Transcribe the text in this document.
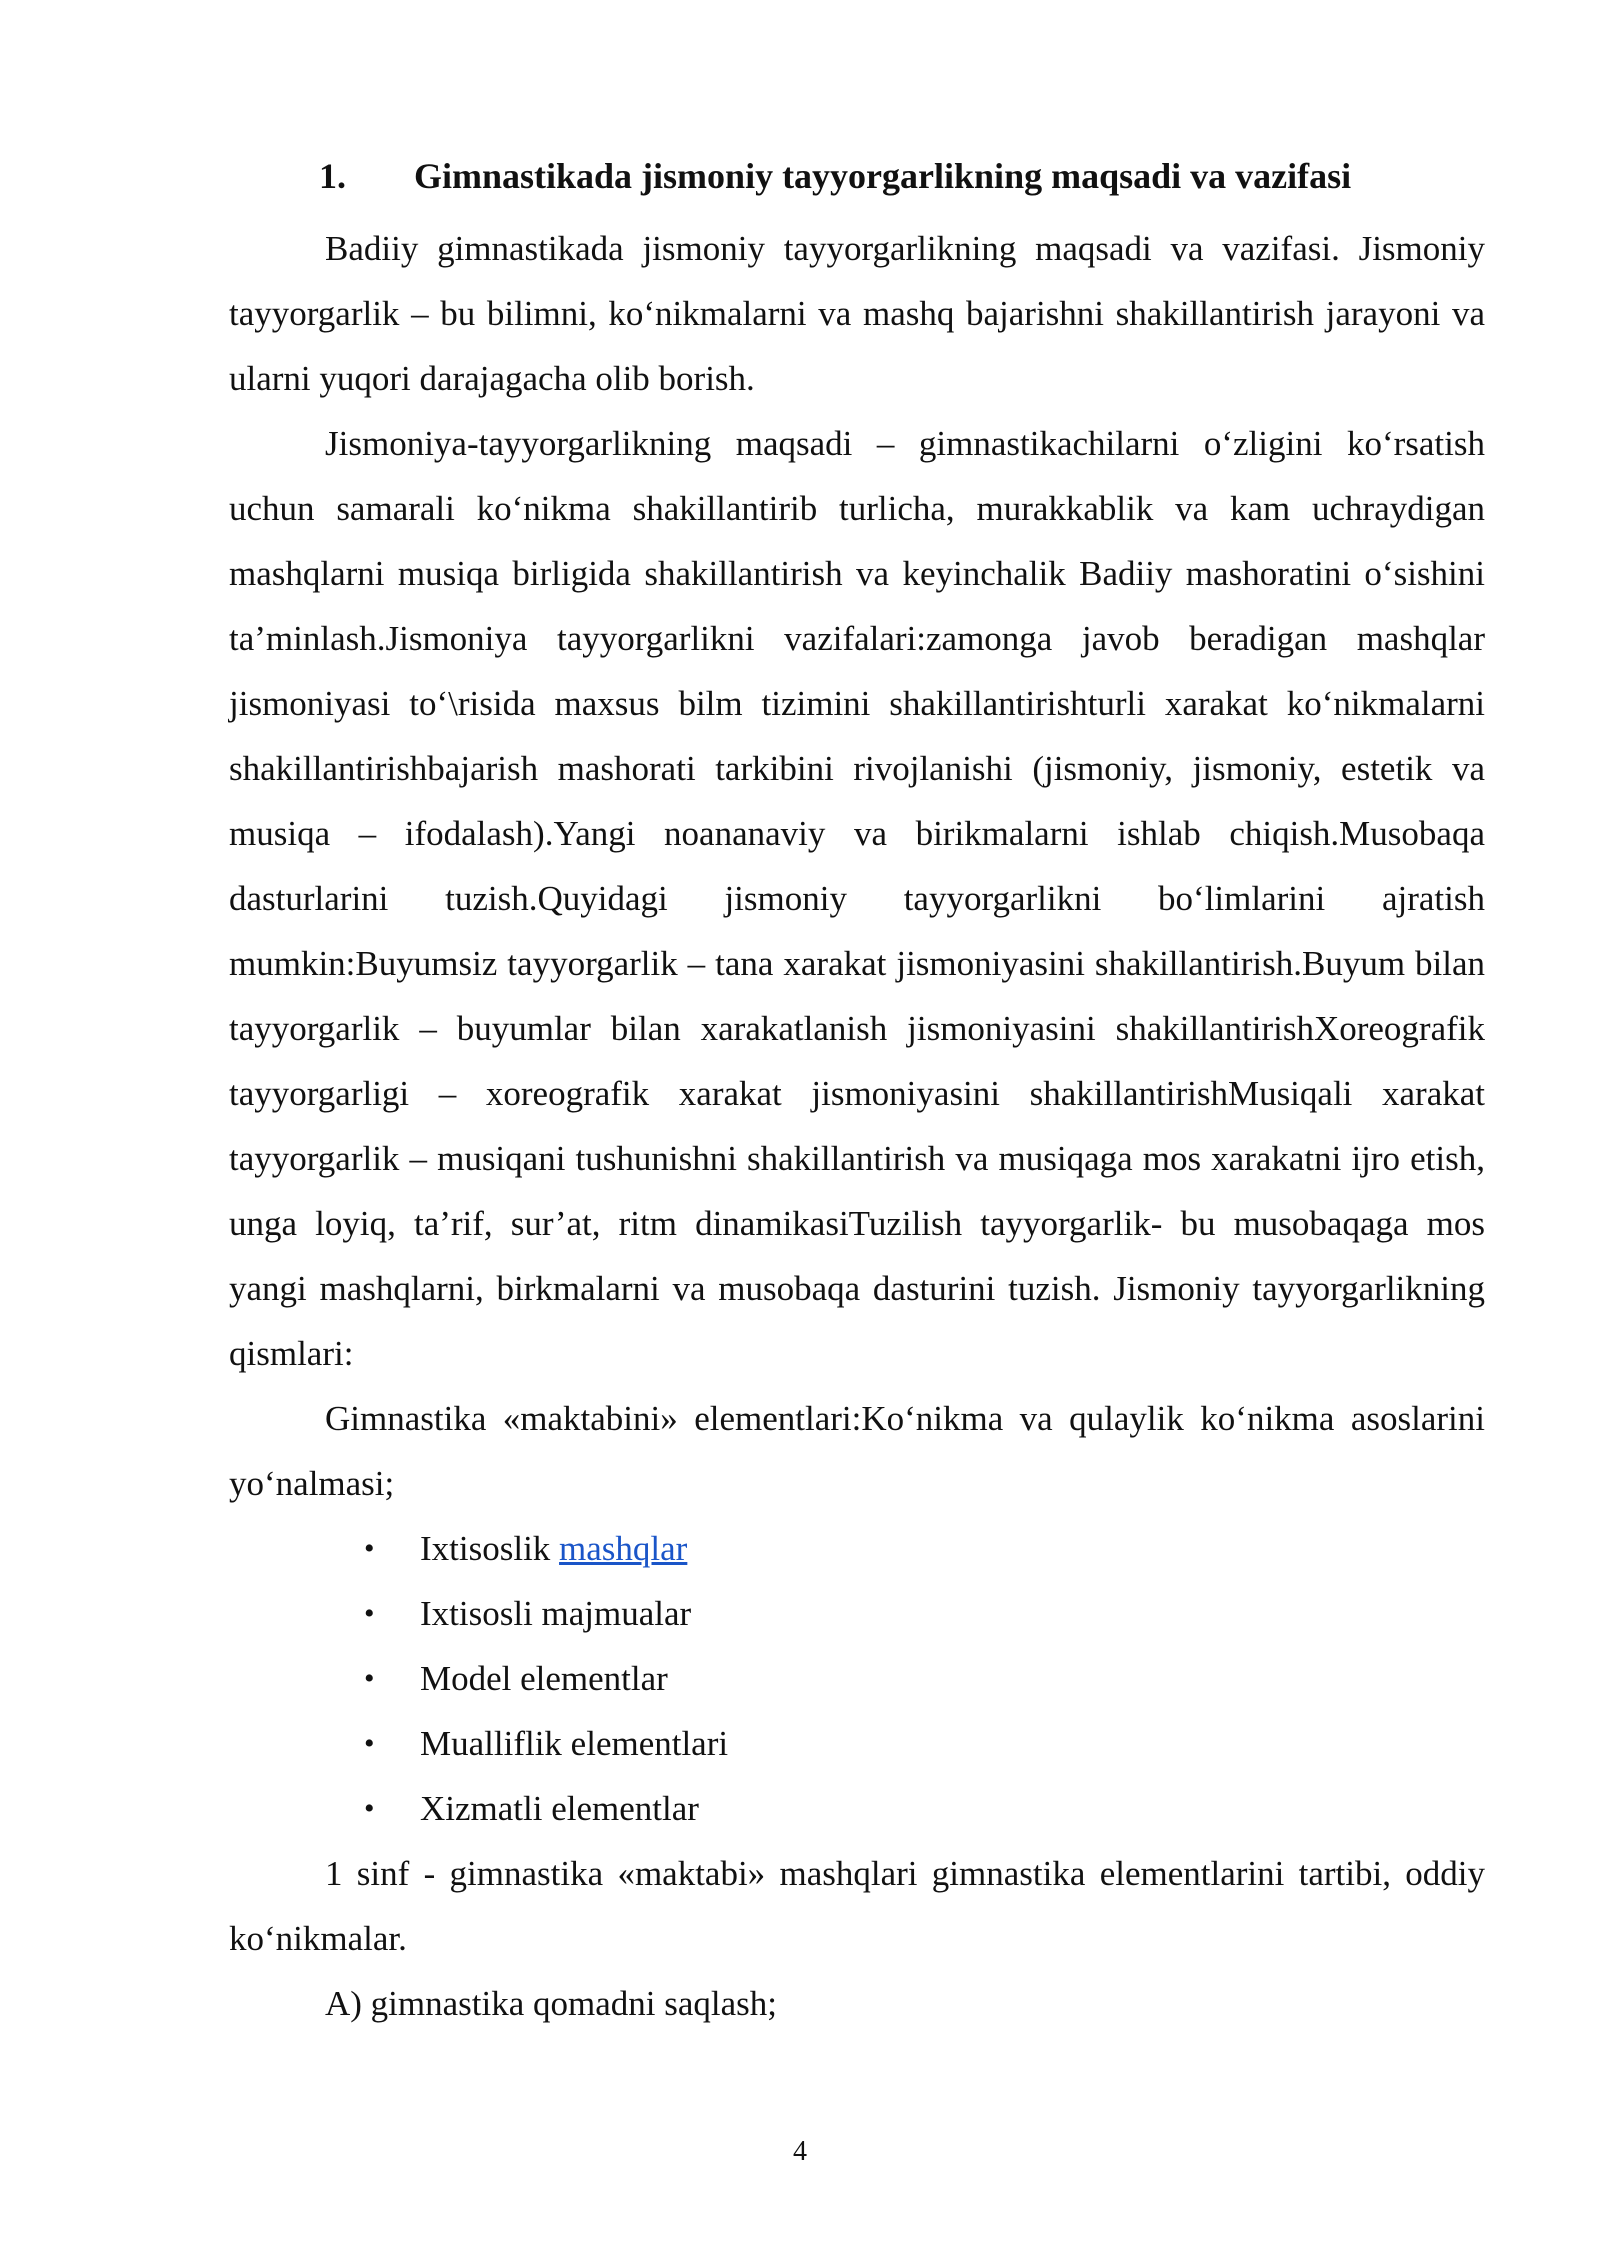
1. Gimnastikada jismoniy tayyorgarlikning maqsadi va vazifasi

Badiiy gimnastikada jismoniy tayyorgarlikning maqsadi va vazifasi. Jismoniy tayyorgarlik – bu bilimni, ko‘nikmalarni va mashq bajarishni shakillantirish jarayoni va ularni yuqori darajagacha olib borish.

Jismoniya-tayyorgarlikning maqsadi – gimnastikachilarni o‘zligini ko‘rsatish uchun samarali ko‘nikma shakillantirib turlicha, murakkablik va kam uchraydigan mashqlarni musiqa birligida shakillantirish va keyinchalik Badiiy mashoratini o‘sishini ta’minlash.Jismoniya tayyorgarlikni vazifalari:zamonga javob beradigan mashqlar jismoniyasi to‘\risida maxsus bilm tizimini shakillantirishturli xarakat ko‘nikmalarni shakillantirishbajarish mashorati tarkibini rivojlanishi (jismoniy, jismoniy, estetik va musiqa – ifodalash).Yangi noananaviy va birikmalarni ishlab chiqish.Musobaqa dasturlarini tuzish.Quyidagi jismoniy tayyorgarlikni bo‘limlarini ajratish mumkin:Buyumsiz tayyorgarlik – tana xarakat jismoniyasini shakillantirish.Buyum bilan tayyorgarlik – buyumlar bilan xarakatlanish jismoniyasini shakillantirishXoreografik tayyorgarligi – xoreografik xarakat jismoniyasini shakillantirishMusiqali xarakat tayyorgarlik – musiqani tushunishni shakillantirish va musiqaga mos xarakatni ijro etish, unga loyiq, ta’rif, sur’at, ritm dinamikasiTuzilish tayyorgarlik- bu musobaqaga mos yangi mashqlarni, birkmalarni va musobaqa dasturini tuzish. Jismoniy tayyorgarlikning qismlari:

Gimnastika «maktabini» elementlari:Ko‘nikma va qulaylik ko‘nikma asoslarini yo‘nalmasi;

• Ixtisoslik mashqlar
• Ixtisosli majmualar
• Model elementlar
• Mualliflik elementlari
• Xizmatli elementlar

1 sinf - gimnastika «maktabi» mashqlari gimnastika elementlarini tartibi, oddiy ko‘nikmalar.

A) gimnastika qomadni saqlash;

4
